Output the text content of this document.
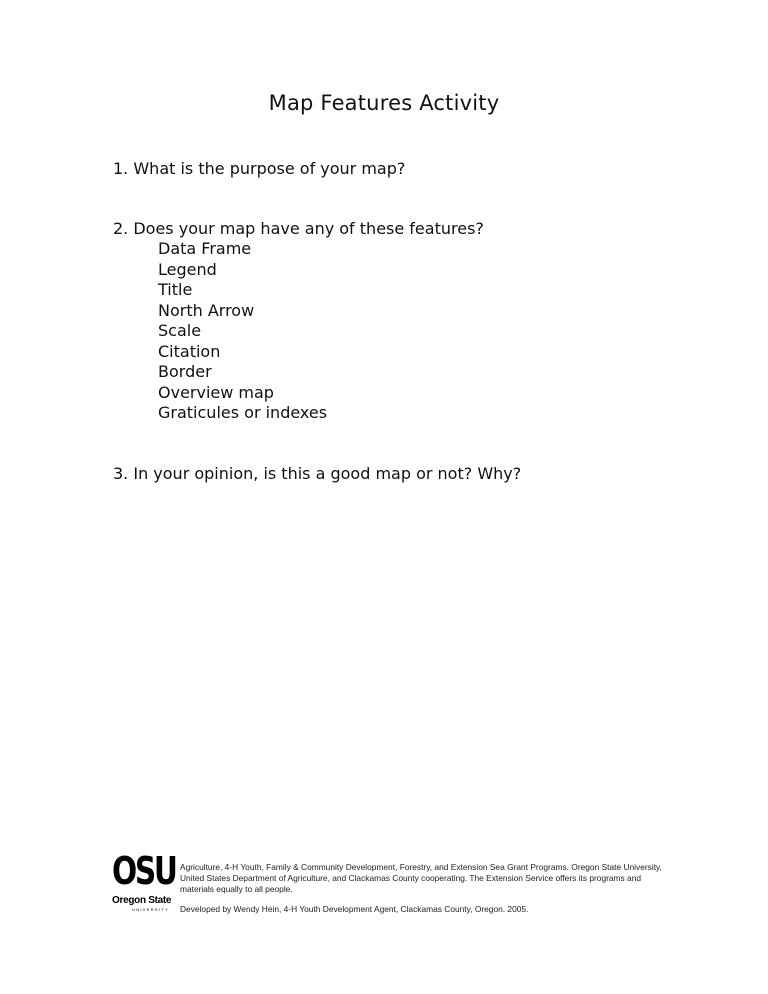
Map Features Activity

1. What is the purpose of your map?

2. Does your map have any of these features?

Data Frame
Legend
Title
North Arrow
Scale
Citation
Border
Overview map
Graticules or indexes

3. In your opinion, is this a good map or not? Why?

OSU
Oregon State
UNIVERSITY

Agriculture, 4-H Youth, Family & Community Development, Forestry, and Extension Sea Grant Programs. Oregon State University, United States Department of Agriculture, and Clackamas County cooperating. The Extension Service offers its programs and materials equally to all people.

Developed by Wendy Hein, 4-H Youth Development Agent, Clackamas County, Oregon. 2005.
